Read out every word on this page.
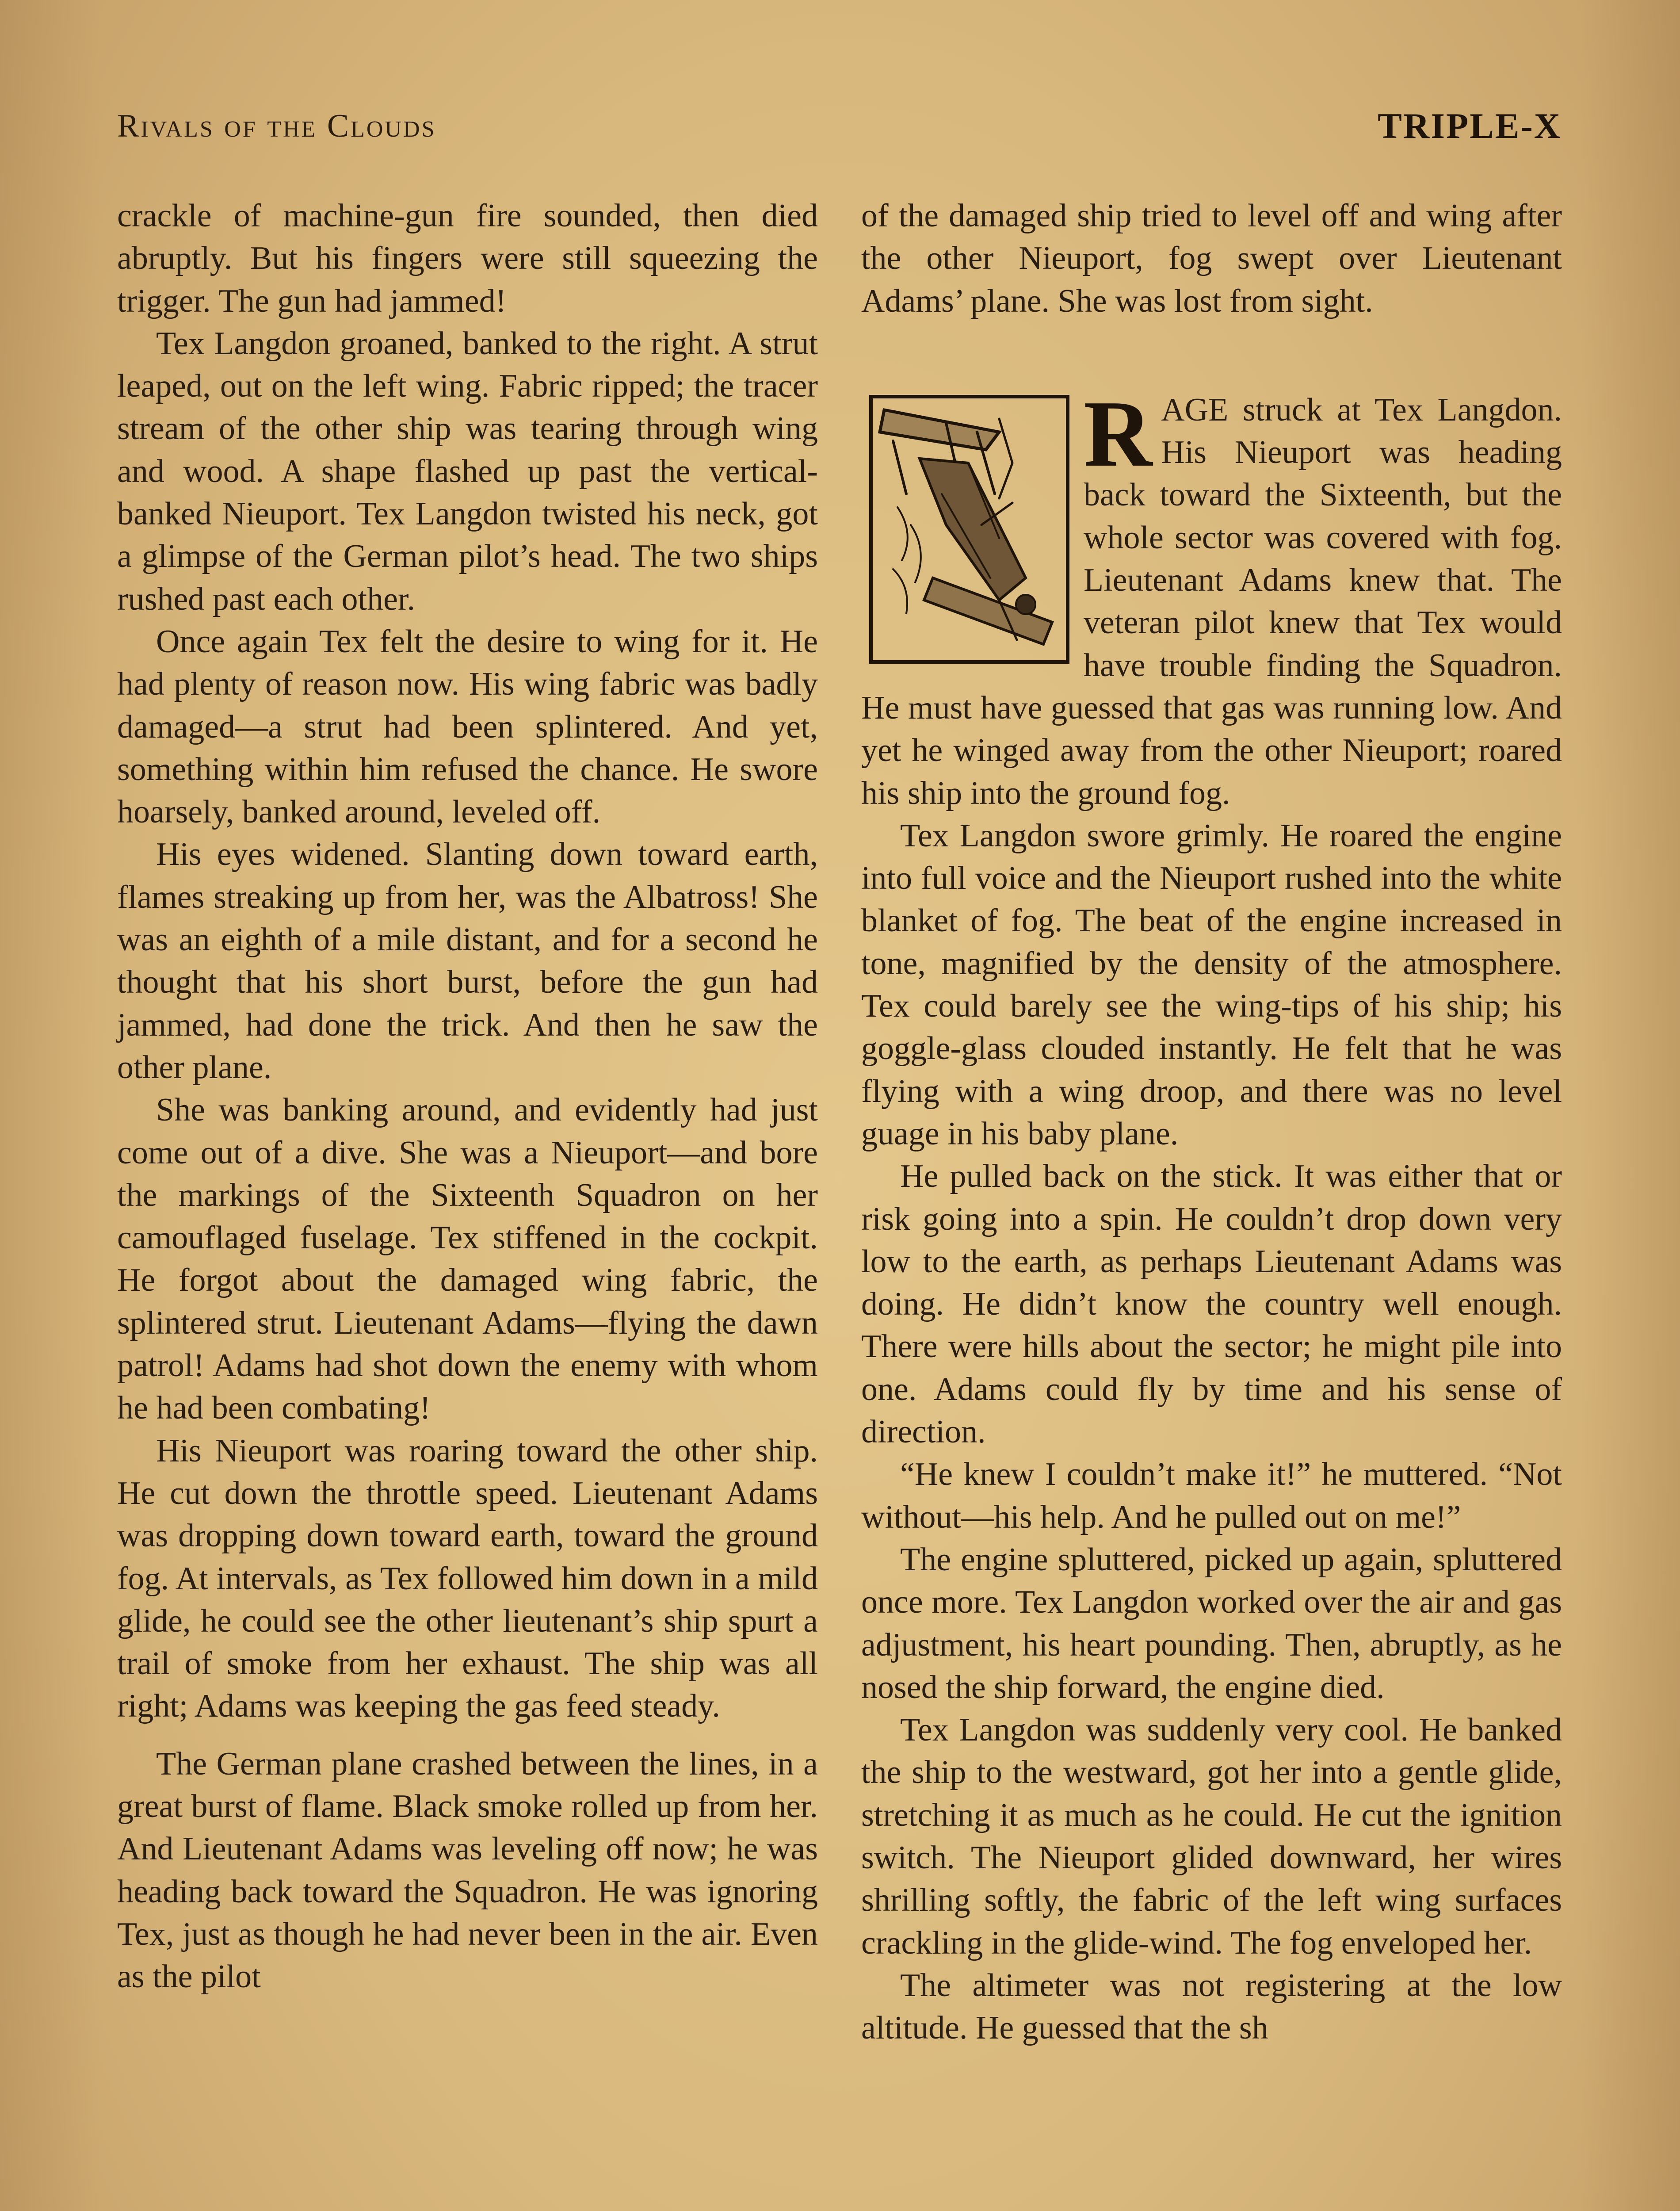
Rivals of the Clouds	TRIPLE-X

crackle of machine-gun fire sounded, then died abruptly. But his fingers were still squeezing the trigger. The gun had jammed!

Tex Langdon groaned, banked to the right. A strut leaped, out on the left wing. Fabric ripped; the tracer stream of the other ship was tearing through wing and wood. A shape flashed up past the vertical-banked Nieuport. Tex Langdon twisted his neck, got a glimpse of the German pilot’s head. The two ships rushed past each other.

Once again Tex felt the desire to wing for it. He had plenty of reason now. His wing fabric was badly damaged—a strut had been splintered. And yet, something within him refused the chance. He swore hoarsely, banked around, leveled off.

His eyes widened. Slanting down toward earth, flames streaking up from her, was the Albatross! She was an eighth of a mile distant, and for a second he thought that his short burst, before the gun had jammed, had done the trick. And then he saw the other plane.

She was banking around, and evidently had just come out of a dive. She was a Nieuport—and bore the markings of the Sixteenth Squadron on her camouflaged fuselage. Tex stiffened in the cockpit. He forgot about the damaged wing fabric, the splintered strut. Lieutenant Adams—flying the dawn patrol! Adams had shot down the enemy with whom he had been combating!

His Nieuport was roaring toward the other ship. He cut down the throttle speed. Lieutenant Adams was dropping down toward earth, toward the ground fog. At intervals, as Tex followed him down in a mild glide, he could see the other lieutenant’s ship spurt a trail of smoke from her exhaust. The ship was all right; Adams was keeping the gas feed steady.

The German plane crashed between the lines, in a great burst of flame. Black smoke rolled up from her. And Lieutenant Adams was leveling off now; he was heading back toward the Squadron. He was ignoring Tex, just as though he had never been in the air. Even as the pilot

of the damaged ship tried to level off and wing after the other Nieuport, fog swept over Lieutenant Adams’ plane. She was lost from sight.

R AGE struck at Tex Langdon. His Nieuport was heading back toward the Sixteenth, but the whole sector was covered with fog. Lieutenant Adams knew that. The veteran pilot knew that Tex would have trouble finding the Squadron. He must have guessed that gas was running low. And yet he winged away from the other Nieuport; roared his ship into the ground fog.

Tex Langdon swore grimly. He roared the engine into full voice and the Nieuport rushed into the white blanket of fog. The beat of the engine increased in tone, magnified by the density of the atmosphere. Tex could barely see the wing-tips of his ship; his goggle-glass clouded instantly. He felt that he was flying with a wing droop, and there was no level guage in his baby plane.

He pulled back on the stick. It was either that or risk going into a spin. He couldn’t drop down very low to the earth, as perhaps Lieutenant Adams was doing. He didn’t know the country well enough. There were hills about the sector; he might pile into one. Adams could fly by time and his sense of direction.

“He knew I couldn’t make it!” he muttered. “Not without—his help. And he pulled out on me!”

The engine spluttered, picked up again, spluttered once more. Tex Langdon worked over the air and gas adjustment, his heart pounding. Then, abruptly, as he nosed the ship forward, the engine died.

Tex Langdon was suddenly very cool. He banked the ship to the westward, got her into a gentle glide, stretching it as much as he could. He cut the ignition switch. The Nieuport glided downward, her wires shrilling softly, the fabric of the left wing surfaces crackling in the glide-wind. The fog enveloped her.

The altimeter was not registering at the low altitude. He guessed that the sh
